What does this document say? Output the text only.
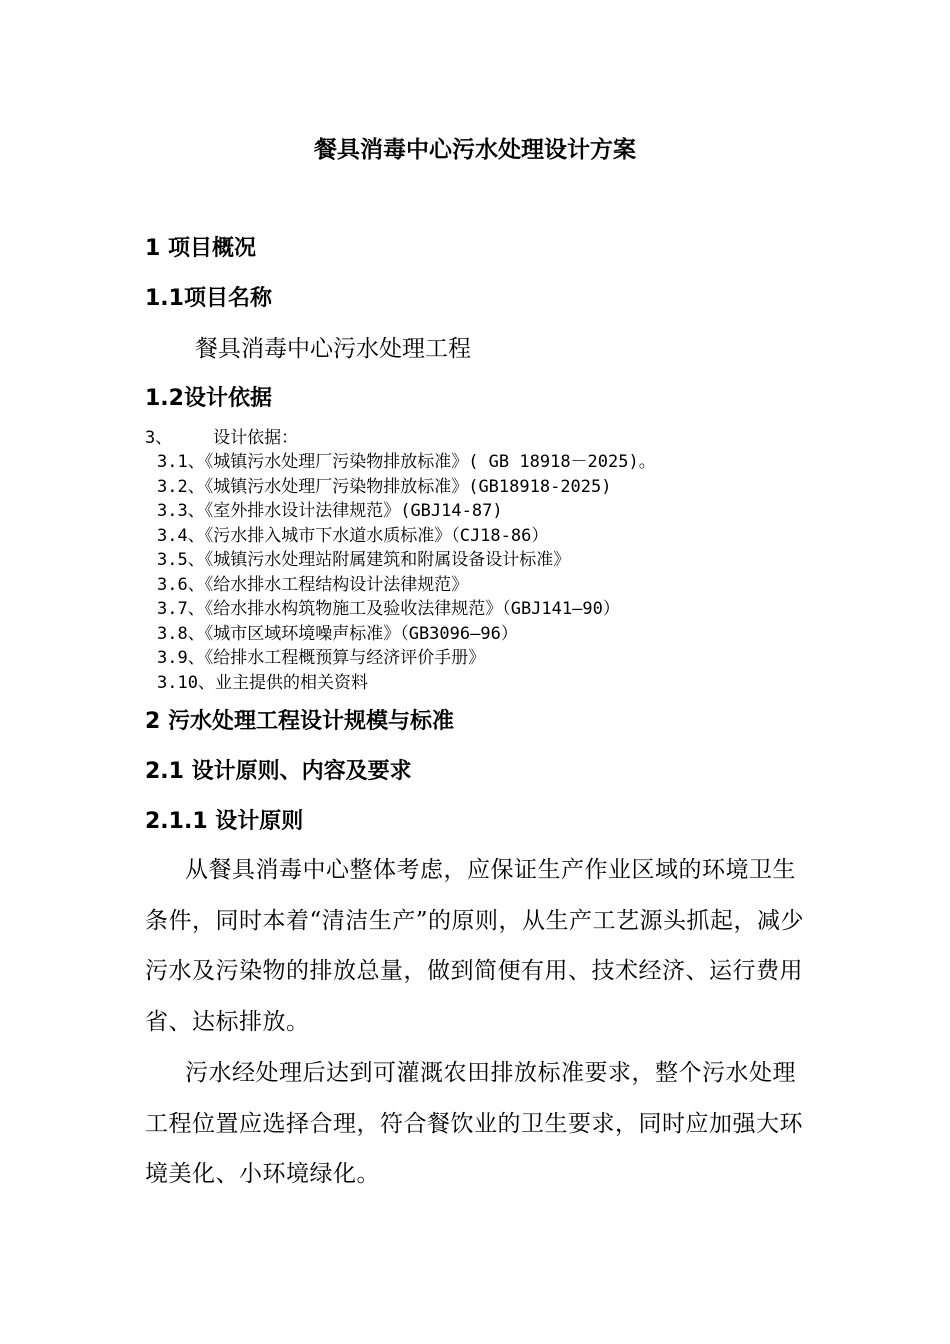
餐具消毒中心污水处理设计方案
1 项目概况
1.1项目名称
餐具消毒中心污水处理工程
1.2设计依据
3、    设计依据：
3.1、《城镇污水处理厂污染物排放标准》( GB 18918－2025)。
3.2、《城镇污水处理厂污染物排放标准》(GB18918-2025)
3.3、《室外排水设计法律规范》(GBJ14-87)
3.4、《污水排入城市下水道水质标准》（CJ18-86）
3.5、《城镇污水处理站附属建筑和附属设备设计标准》
3.6、《给水排水工程结构设计法律规范》
3.7、《给水排水构筑物施工及验收法律规范》（GBJ141—90）
3.8、《城市区域环境噪声标准》（GB3096—96）
3.9、《给排水工程概预算与经济评价手册》
3.10、业主提供的相关资料
2 污水处理工程设计规模与标准
2.1 设计原则、内容及要求
2.1.1 设计原则

从餐具消毒中心整体考虑，应保证生产作业区域的环境卫生条件，同时本着“清洁生产”的原则，从生产工艺源头抓起，减少污水及污染物的排放总量，做到简便有用、技术经济、运行费用省、达标排放。

污水经处理后达到可灌溉农田排放标准要求，整个污水处理工程位置应选择合理，符合餐饮业的卫生要求，同时应加强大环境美化、小环境绿化。
